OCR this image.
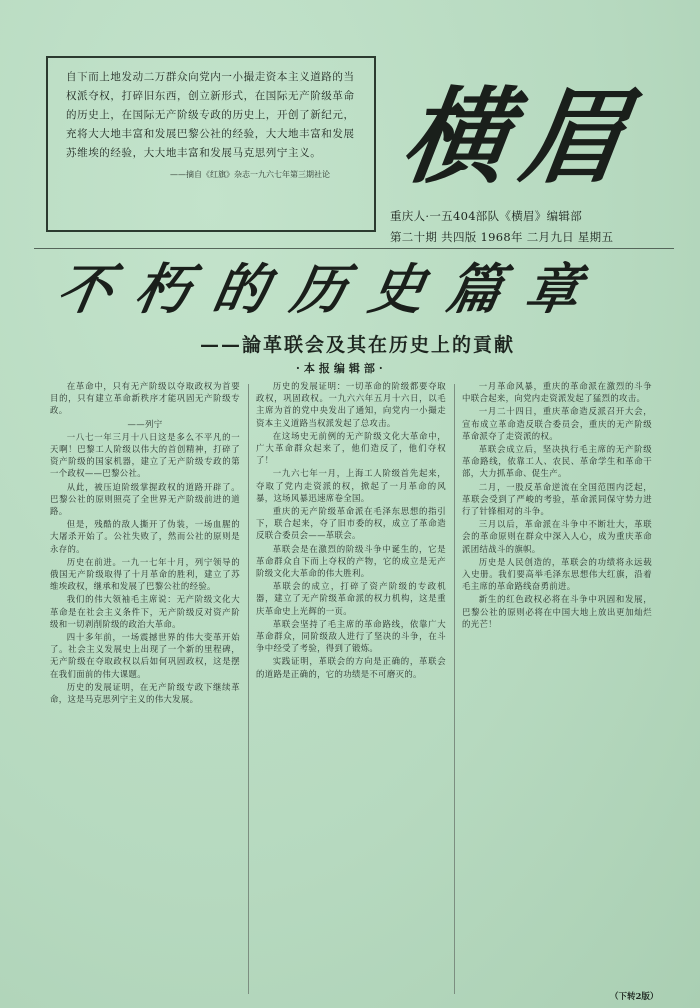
自下而上地发动二万群众向党内一小撮走资本主义道路的当权派夺权，打碎旧东西，创立新形式，在国际无产阶级革命的历史上，在国际无产阶级专政的历史上，开创了新纪元，充将大大地丰富和发展巴黎公社的经验，大大地丰富和发展苏维埃的经验，大大地丰富和发展马克思列宁主义。
——摘自《红旗》杂志一九六七年第三期社论 横眉
重庆人·一五404部队《横眉》编辑部
第二十期 共四版 1968年 二月九日 星期五
不朽的历史篇章
——論革联会及其在历史上的貢献
·本报编辑部·

在革命中，只有无产阶级以夺取政权为首要目的，只有建立革命新秩序才能巩固无产阶级专政。

——列宁

一八七一年三月十八日这是多么不平凡的一天啊！巴黎工人阶级以伟大的首创精神，打碎了资产阶级的国家机器，建立了无产阶级专政的第一个政权——巴黎公社。

从此，被压迫阶级掌握政权的道路开辟了。巴黎公社的原则照亮了全世界无产阶级前进的道路。

但是，残酷的敌人撕开了伪装，一场血腥的大屠杀开始了。公社失败了，然而公社的原则是永存的。

历史在前进。一九一七年十月，列宁领导的俄国无产阶级取得了十月革命的胜利，建立了苏维埃政权，继承和发展了巴黎公社的经验。

我们的伟大领袖毛主席说：无产阶级文化大革命是在社会主义条件下，无产阶级反对资产阶级和一切剥削阶级的政治大革命。

四十多年前，一场震撼世界的伟大变革开始了。社会主义发展史上出现了一个新的里程碑，无产阶级在夺取政权以后如何巩固政权，这是摆在我们面前的伟大课题。

历史的发展证明，在无产阶级专政下继续革命，这是马克思列宁主义的伟大发展。

历史的发展证明：一切革命的阶级都要夺取政权，巩固政权。一九六六年五月十六日，以毛主席为首的党中央发出了通知，向党内一小撮走资本主义道路当权派发起了总攻击。

在这场史无前例的无产阶级文化大革命中，广大革命群众起来了，他们造反了，他们夺权了！

一九六七年一月，上海工人阶级首先起来，夺取了党内走资派的权，掀起了一月革命的风暴，这场风暴迅速席卷全国。

重庆的无产阶级革命派在毛泽东思想的指引下，联合起来，夺了旧市委的权，成立了革命造反联合委员会——革联会。

革联会是在激烈的阶级斗争中诞生的，它是革命群众自下而上夺权的产物，它的成立是无产阶级文化大革命的伟大胜利。

革联会的成立，打碎了资产阶级的专政机器，建立了无产阶级革命派的权力机构，这是重庆革命史上光辉的一页。

革联会坚持了毛主席的革命路线，依靠广大革命群众，同阶级敌人进行了坚决的斗争，在斗争中经受了考验，得到了锻炼。

实践证明，革联会的方向是正确的，革联会的道路是正确的，它的功绩是不可磨灭的。

一月革命风暴，重庆的革命派在激烈的斗争中联合起来，向党内走资派发起了猛烈的攻击。

一月二十四日，重庆革命造反派召开大会，宣布成立革命造反联合委员会，重庆的无产阶级革命派夺了走资派的权。

革联会成立后，坚决执行毛主席的无产阶级革命路线，依靠工人、农民、革命学生和革命干部，大力抓革命、促生产。

二月，一股反革命逆流在全国范围内泛起，革联会受到了严峻的考验，革命派同保守势力进行了针锋相对的斗争。

三月以后，革命派在斗争中不断壮大，革联会的革命原则在群众中深入人心，成为重庆革命派团结战斗的旗帜。

历史是人民创造的，革联会的功绩将永远载入史册。我们要高举毛泽东思想伟大红旗，沿着毛主席的革命路线奋勇前进。

新生的红色政权必将在斗争中巩固和发展，巴黎公社的原则必将在中国大地上放出更加灿烂的光芒！

（下转2版）
